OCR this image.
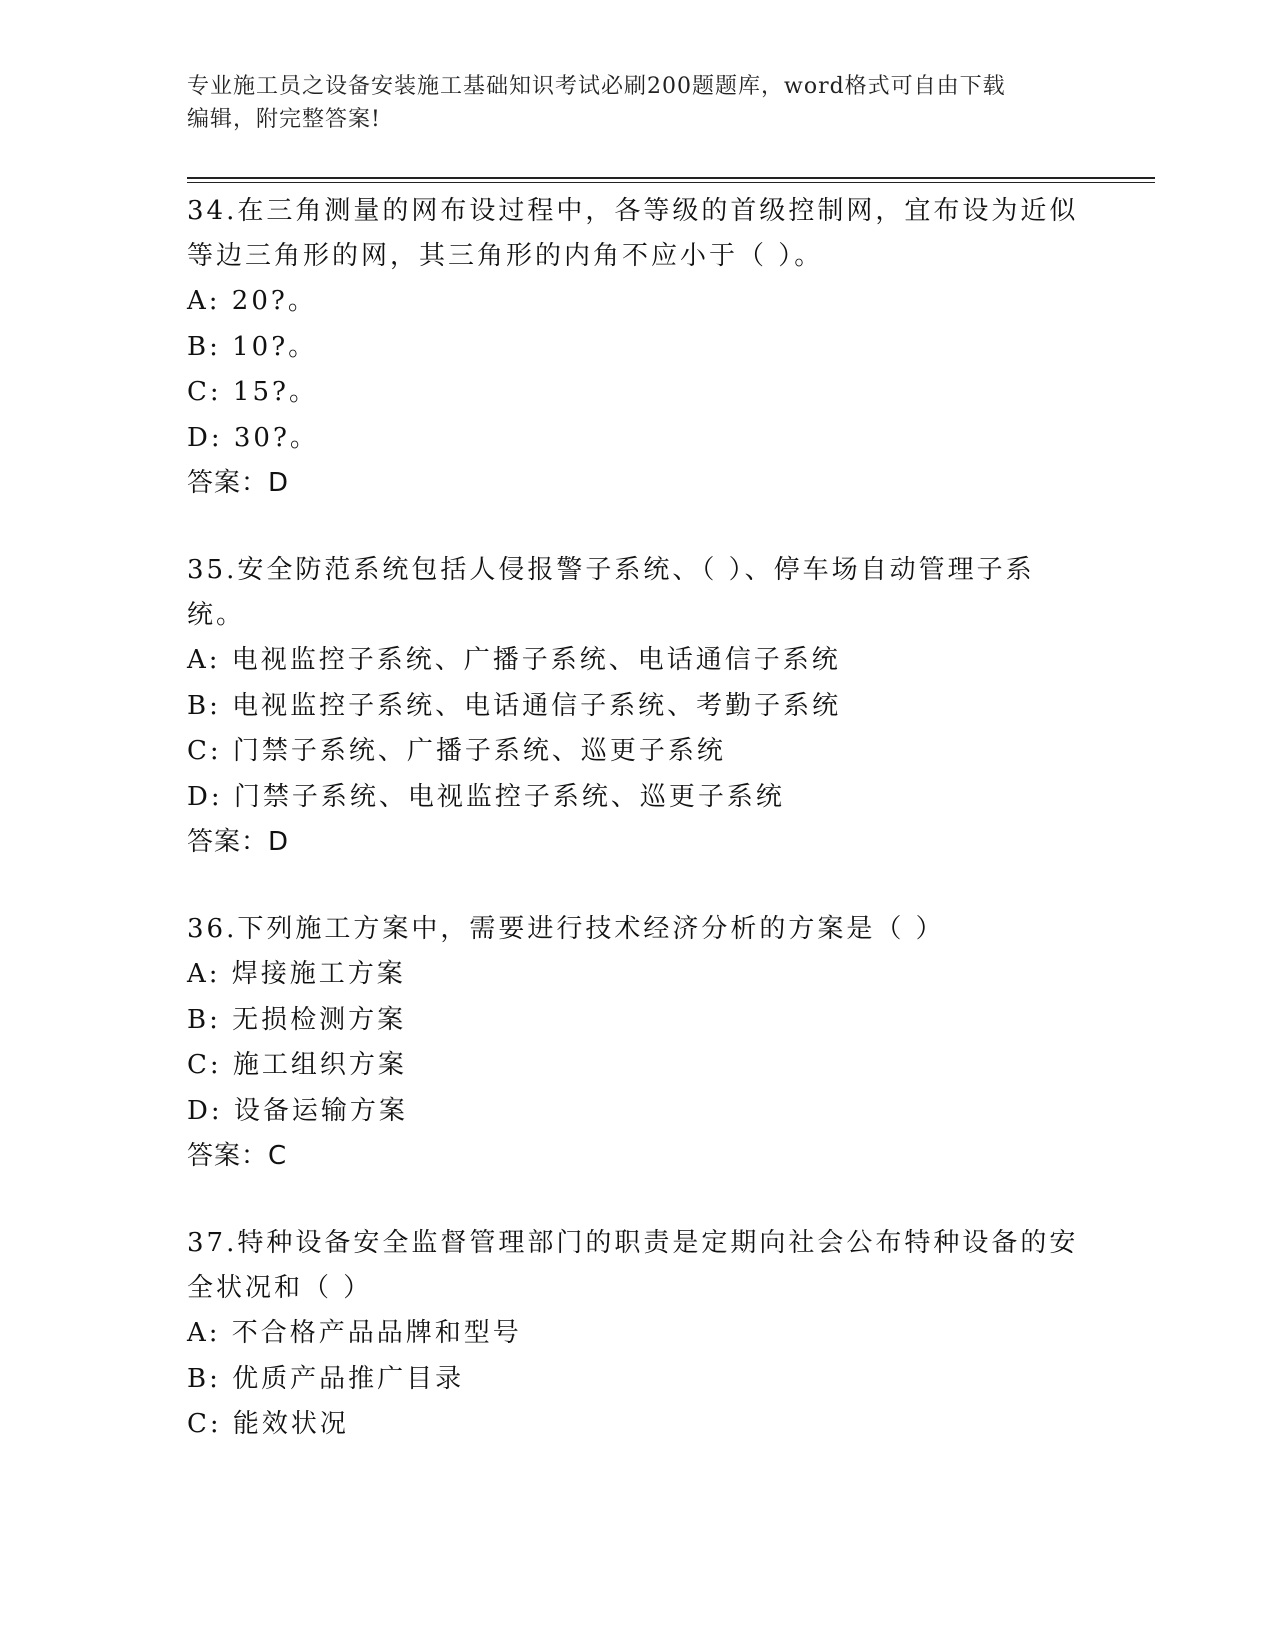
专业施工员之设备安装施工基础知识考试必刷200题题库，word格式可自由下载
编辑，附完整答案!
34.在三角测量的网布设过程中，各等级的首级控制网，宜布设为近似
等边三角形的网，其三角形的内角不应小于（ ）。
A: 20?。
B: 10?。
C: 15?。
D: 30?。
答案：D
35.安全防范系统包括人侵报警子系统、（ ）、停车场自动管理子系
统。
A: 电视监控子系统、广播子系统、电话通信子系统
B: 电视监控子系统、电话通信子系统、考勤子系统
C: 门禁子系统、广播子系统、巡更子系统
D: 门禁子系统、电视监控子系统、巡更子系统
答案：D
36.下列施工方案中，需要进行技术经济分析的方案是（ ）
A: 焊接施工方案
B: 无损检测方案
C: 施工组织方案
D: 设备运输方案
答案：C
37.特种设备安全监督管理部门的职责是定期向社会公布特种设备的安
全状况和（ ）
A: 不合格产品品牌和型号
B: 优质产品推广目录
C: 能效状况
